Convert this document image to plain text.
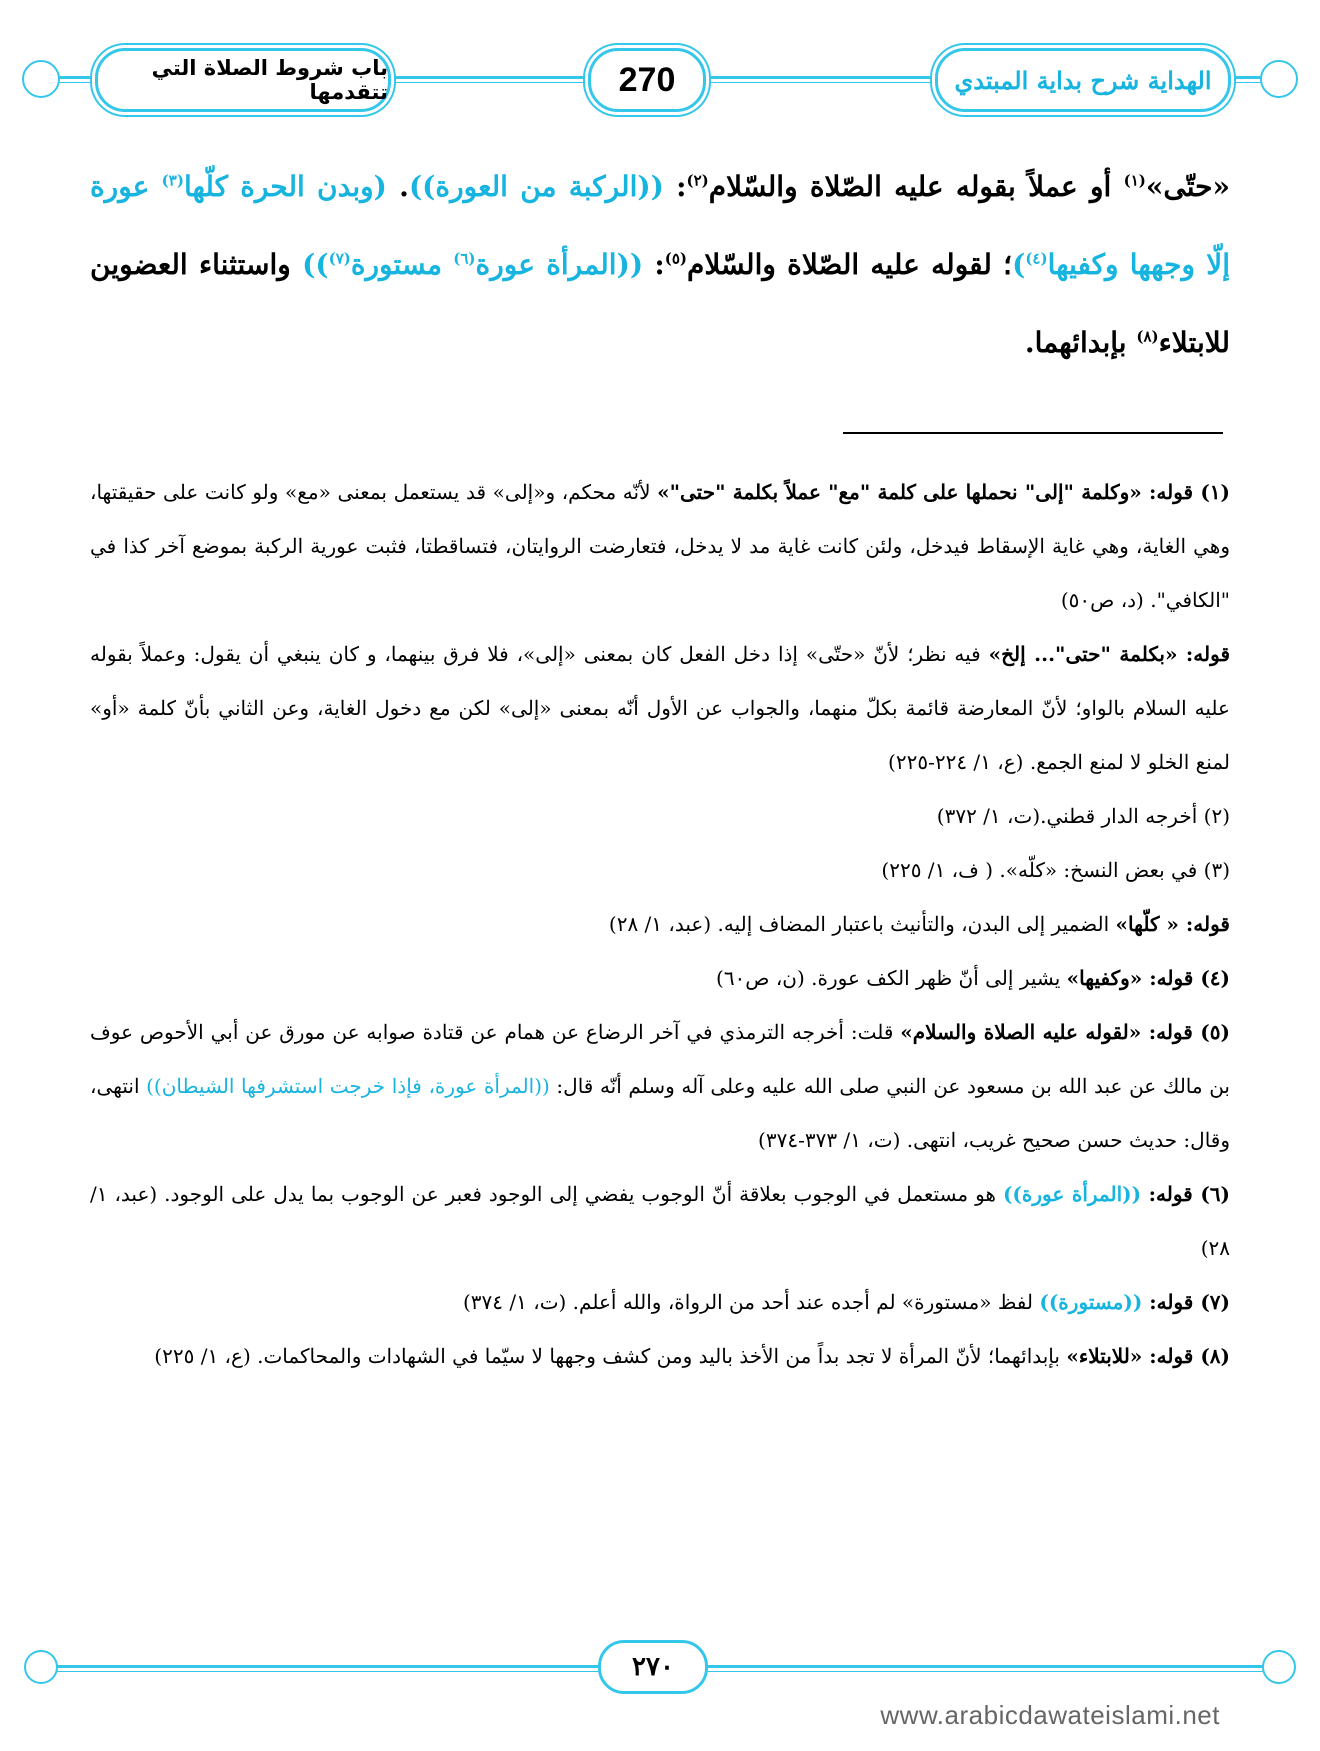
باب شروط الصلاة التي تتقدمها	270	الهداية شرح بداية المبتدي

«حتّى»$^{(١)}$ أو عملاً بقوله عليه الصّلاة والسّلام$^{(٢)}$: ((الركبة من العورة)). (وبدن الحرة كلّها$^{(٣)}$ عورة إلّا وجهها وكفيها$^{(٤)}$)؛ لقوله عليه الصّلاة والسّلام$^{(٥)}$: ((المرأة عورة$^{(٦)}$ مستورة$^{(٧)}$)) واستثناء العضوين للابتلاء$^{(٨)}$ بإبدائهما.

(١) قوله: «وكلمة "إلى" نحملها على كلمة "مع" عملاً بكلمة "حتى"» لأنّه محكم، و«إلى» قد يستعمل بمعنى «مع» ولو كانت على حقيقتها، وهي الغاية، وهي غاية الإسقاط فيدخل، ولئن كانت غاية مد لا يدخل، فتعارضت الروايتان، فتساقطتا، فثبت عورية الركبة بموضع آخر كذا في "الكافي". (د، ص٥٠)

قوله: «بكلمة "حتى"... إلخ» فيه نظر؛ لأنّ «حتّى» إذا دخل الفعل كان بمعنى «إلى»، فلا فرق بينهما، و كان ينبغي أن يقول: وعملاً بقوله عليه السلام بالواو؛ لأنّ المعارضة قائمة بكلّ منهما، والجواب عن الأول أنّه بمعنى «إلى» لكن مع دخول الغاية، وعن الثاني بأنّ كلمة «أو» لمنع الخلو لا لمنع الجمع. (ع، ١/ ٢٢٤-٢٢٥)

(٢) أخرجه الدار قطني.(ت، ١/ ٣٧٢)

(٣) في بعض النسخ: «كلّه». ( ف، ١/ ٢٢٥)

قوله: « كلّها» الضمير إلى البدن، والتأنيث باعتبار المضاف إليه. (عبد، ١/ ٢٨)

(٤) قوله: «وكفيها» يشير إلى أنّ ظهر الكف عورة. (ن، ص٦٠)

(٥) قوله: «لقوله عليه الصلاة والسلام» قلت: أخرجه الترمذي في آخر الرضاع عن همام عن قتادة صوابه عن مورق عن أبي الأحوص عوف بن مالك عن عبد الله بن مسعود عن النبي صلى الله عليه وعلى آله وسلم أنّه قال: ((المرأة عورة، فإذا خرجت استشرفها الشيطان)) انتهى، وقال: حديث حسن صحيح غريب، انتهى. (ت، ١/ ٣٧٣-٣٧٤)

(٦) قوله: ((المرأة عورة)) هو مستعمل في الوجوب بعلاقة أنّ الوجوب يفضي إلى الوجود فعبر عن الوجوب بما يدل على الوجود. (عبد، ١/ ٢٨)

(٧) قوله: ((مستورة)) لفظ «مستورة» لم أجده عند أحد من الرواة، والله أعلم. (ت، ١/ ٣٧٤)

(٨) قوله: «للابتلاء» بإبدائهما؛ لأنّ المرأة لا تجد بداً من الأخذ باليد ومن كشف وجهها لا سيّما في الشهادات والمحاكمات. (ع، ١/ ٢٢٥)

٢٧٠
www.arabicdawateislami.net
